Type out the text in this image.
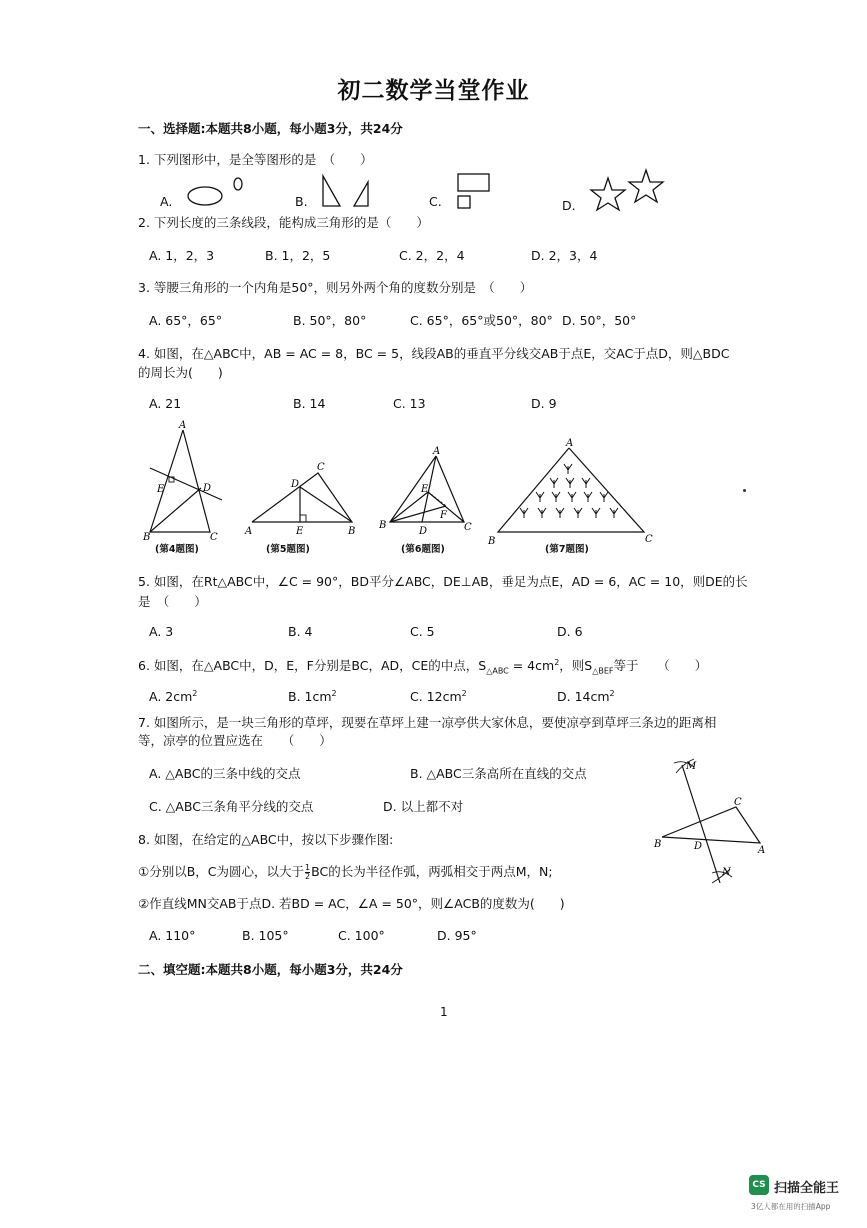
初二数学当堂作业
一、选择题:本题共8小题，每小题3分，共24分
1. 下列图形中，是全等图形的是　（　　）
A.	B.	C.	D.
2. 下列长度的三条线段，能构成三角形的是（　　）
A. 1，2，3	B. 1，2，5	C. 2，2，4	D. 2，3，4
3. 等腰三角形的一个内角是50°，则另外两个角的度数分别是　（　　）
A. 65°，65°	B. 50°，80°	C. 65°，65°或50°，80° D. 50°，50°
4. 如图，在△ABC中，AB = AC = 8，BC = 5，线段AB的垂直平分线交AB于点E，交AC于点D，则△BDC
的周长为(　　)
A. 21	B. 14	C. 13	D. 9
A
B	C
D
E
(第4题图)
A	B
C
D
E
(第5题图)
A
B	C
D
E
F
(第6题图)
A
B	C
(第7题图)
5. 如图，在Rt△ABC中，∠C = 90°，BD平分∠ABC，DE⊥AB，垂足为点E，AD = 6，AC = 10，则DE的长
是　（　　）
A. 3	B. 4	C. 5	D. 6
6. 如图，在△ABC中，D，E，F分别是BC，AD，CE的中点，$S_{\triangle ABC} = 4cm^2$，则$S_{\triangle BEF}$等于　　（　　）
A. $2cm^2$	B. $1cm^2$	C. $12cm^2$	D. $14cm^2$
7. 如图所示，是一块三角形的草坪，现要在草坪上建一凉亭供大家休息，要使凉亭到草坪三条边的距离相
等，凉亭的位置应选在　　（　　）
A. △ABC的三条中线的交点	B. △ABC三条高所在直线的交点
C. △ABC三条角平分线的交点	D. 以上都不对
M
N
B
A
C
D
8. 如图，在给定的△ABC中，按以下步骤作图:
①分别以B，C为圆心，以大于 $\frac{1}{2}$ BC的长为半径作弧，两弧相交于两点M，N;
②作直线MN交AB于点D. 若BD = AC，∠A = 50°，则∠ACB的度数为(　　)
A. 110°	B. 105°	C. 100°	D. 95°
二、填空题:本题共8小题，每小题3分，共24分
1
CS 扫描全能王
3亿人都在用的扫描App
